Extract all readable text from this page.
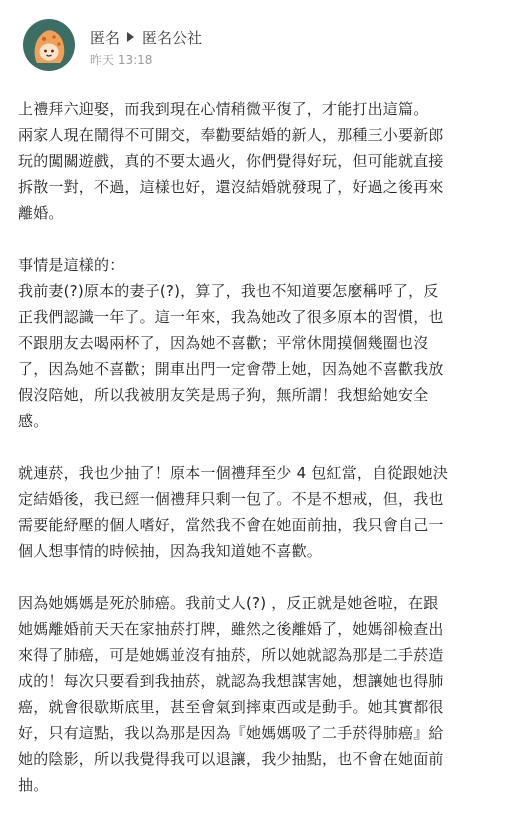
匿名 匿名公社
昨天 13:18
上禮拜六迎娶，而我到現在心情稍微平復了，才能打出這篇。
兩家人現在鬧得不可開交，奉勸要結婚的新人，那種三小要新郎
玩的闖關遊戲，真的不要太過火，你們覺得好玩，但可能就直接
拆散一對，不過，這樣也好，還沒結婚就發現了，好過之後再來
離婚。
事情是這樣的：
我前妻(?)原本的妻子(?)，算了，我也不知道要怎麼稱呼了，反
正我們認識一年了。這一年來，我為她改了很多原本的習慣，也
不跟朋友去喝兩杯了，因為她不喜歡；平常休閒摸個幾圈也沒
了，因為她不喜歡；開車出門一定會帶上她，因為她不喜歡我放
假沒陪她，所以我被朋友笑是馬子狗，無所謂！我想給她安全
感。
就連菸，我也少抽了！原本一個禮拜至少 4 包紅當，自從跟她決
定結婚後，我已經一個禮拜只剩一包了。不是不想戒，但，我也
需要能紓壓的個人嗜好，當然我不會在她面前抽，我只會自己一
個人想事情的時候抽，因為我知道她不喜歡。
因為她媽媽是死於肺癌。我前丈人(?) ，反正就是她爸啦，在跟
她媽離婚前天天在家抽菸打牌，雖然之後離婚了，她媽卻檢查出
來得了肺癌，可是她媽並沒有抽菸，所以她就認為那是二手菸造
成的！每次只要看到我抽菸，就認為我想謀害她，想讓她也得肺
癌，就會很歇斯底里，甚至會氣到摔東西或是動手。她其實都很
好，只有這點，我以為那是因為『她媽媽吸了二手菸得肺癌』給
她的陰影，所以我覺得我可以退讓，我少抽點，也不會在她面前
抽。
